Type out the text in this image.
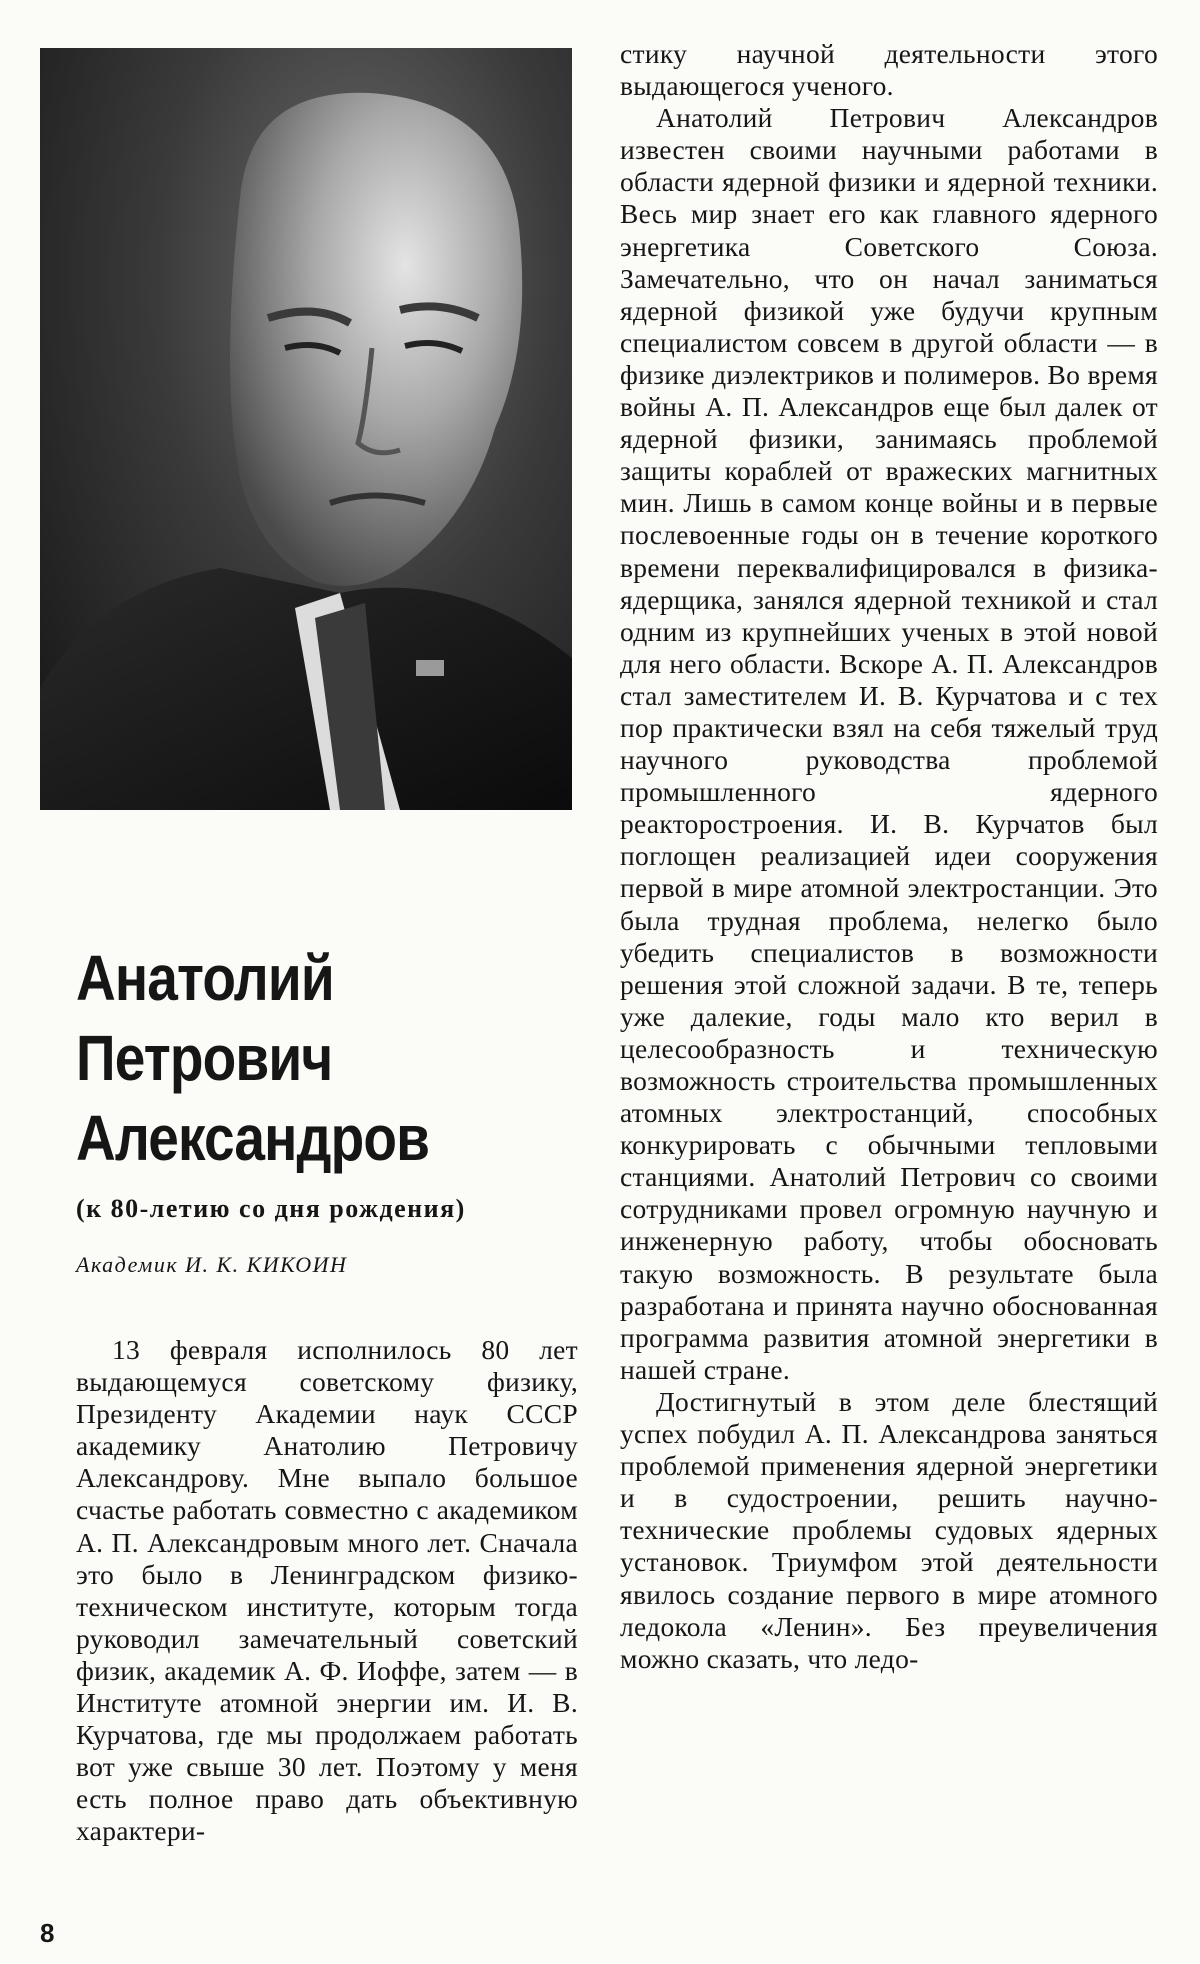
Анатолий
Петрович
Александров

(к 80-летию со дня рождения)

Академик И. К. КИКОИН

13 февраля исполнилось 80 лет выдающемуся советскому физику, Президенту Академии наук СССР академику Анатолию Петровичу Александрову. Мне выпало большое счастье работать совместно с академиком А. П. Александровым много лет. Сначала это было в Ленинградском физико-техническом институте, которым тогда руководил замечательный советский физик, академик А. Ф. Иоффе, затем — в Институте атомной энергии им. И. В. Курчатова, где мы продолжаем работать вот уже свыше 30 лет. Поэтому у меня есть полное право дать объективную характери-

стику научной деятельности этого выдающегося ученого.

Анатолий Петрович Александров известен своими научными работами в области ядерной физики и ядерной техники. Весь мир знает его как главного ядерного энергетика Советского Союза. Замечательно, что он начал заниматься ядерной физикой уже будучи крупным специалистом совсем в другой области — в физике диэлектриков и полимеров. Во время войны А. П. Александров еще был далек от ядерной физики, занимаясь проблемой защиты кораблей от вражеских магнитных мин. Лишь в самом конце войны и в первые послевоенные годы он в течение короткого времени переквалифицировался в физика-ядерщика, занялся ядерной техникой и стал одним из крупнейших ученых в этой новой для него области. Вскоре А. П. Александров стал заместителем И. В. Курчатова и с тех пор практически взял на себя тяжелый труд научного руководства проблемой промышленного ядерного реакторостроения. И. В. Курчатов был поглощен реализацией идеи сооружения первой в мире атомной электростанции. Это была трудная проблема, нелегко было убедить специалистов в возможности решения этой сложной задачи. В те, теперь уже далекие, годы мало кто верил в целесообразность и техническую возможность строительства промышленных атомных электростанций, способных конкурировать с обычными тепловыми станциями. Анатолий Петрович со своими сотрудниками провел огромную научную и инженерную работу, чтобы обосновать такую возможность. В результате была разработана и принята научно обоснованная программа развития атомной энергетики в нашей стране.

Достигнутый в этом деле блестящий успех побудил А. П. Александрова заняться проблемой применения ядерной энергетики и в судостроении, решить научно-технические проблемы судовых ядерных установок. Триумфом этой деятельности явилось создание первого в мире атомного ледокола «Ленин». Без преувеличения можно сказать, что ледо-

8
